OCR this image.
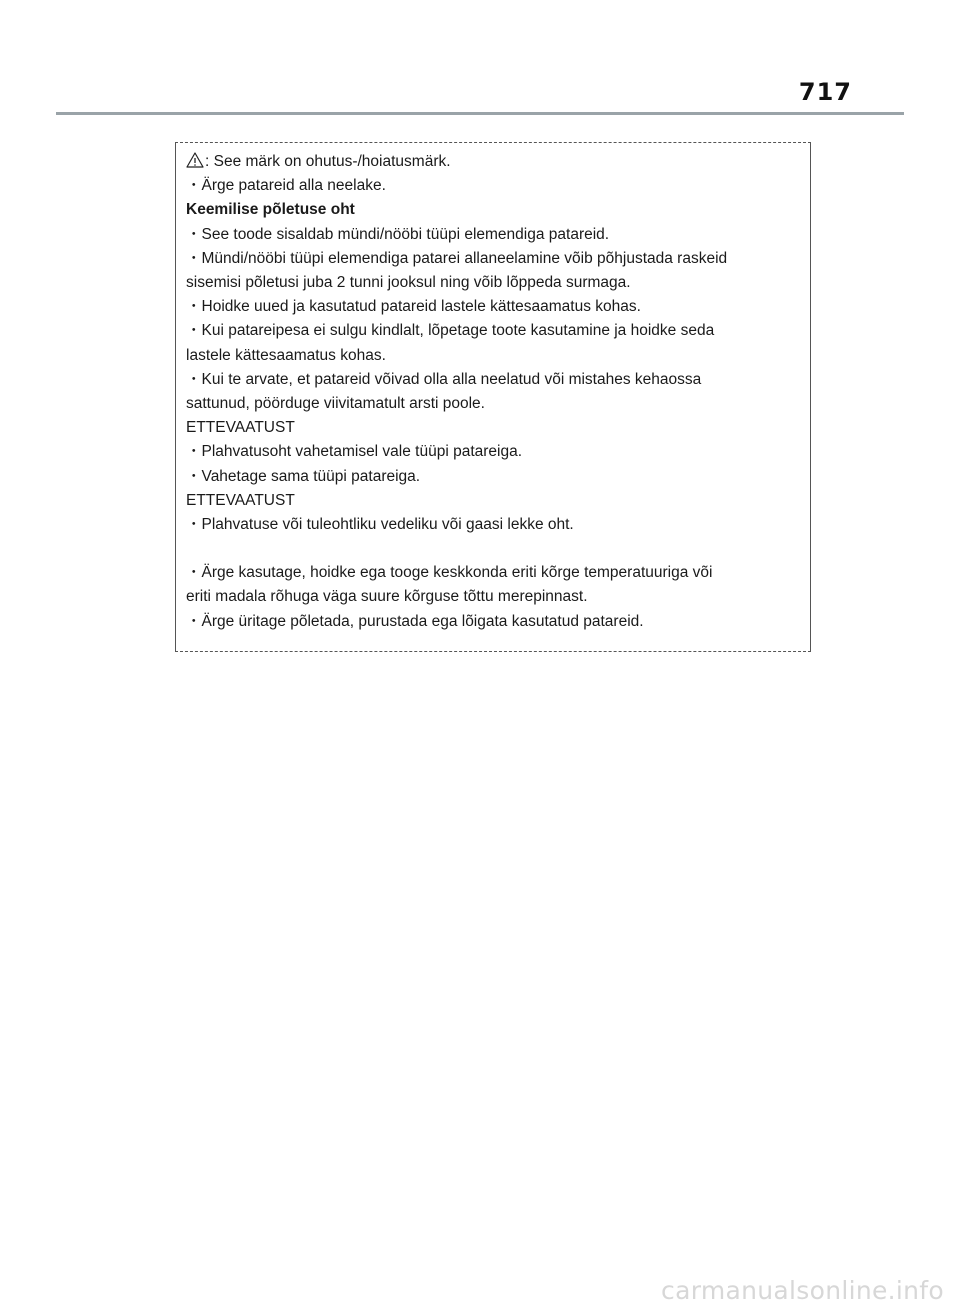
717
: See märk on ohutus-/hoiatusmärk.
・Ärge patareid alla neelake.
Keemilise põletuse oht
・See toode sisaldab mündi/nööbi tüüpi elemendiga patareid.
・Mündi/nööbi tüüpi elemendiga patarei allaneelamine võib põhjustada raskeid
sisemisi põletusi juba 2 tunni jooksul ning võib lõppeda surmaga.
・Hoidke uued ja kasutatud patareid lastele kättesaamatus kohas.
・Kui patareipesa ei sulgu kindlalt, lõpetage toote kasutamine ja hoidke seda
lastele kättesaamatus kohas.
・Kui te arvate, et patareid võivad olla alla neelatud või mistahes kehaossa
sattunud, pöörduge viivitamatult arsti poole.
ETTEVAATUST
・Plahvatusoht vahetamisel vale tüüpi patareiga.
・Vahetage sama tüüpi patareiga.
ETTEVAATUST
・Plahvatuse või tuleohtliku vedeliku või gaasi lekke oht.
・Ärge kasutage, hoidke ega tooge keskkonda eriti kõrge temperatuuriga või
eriti madala rõhuga väga suure kõrguse tõttu merepinnast.
・Ärge üritage põletada, purustada ega lõigata kasutatud patareid.
carmanualsonline.info
